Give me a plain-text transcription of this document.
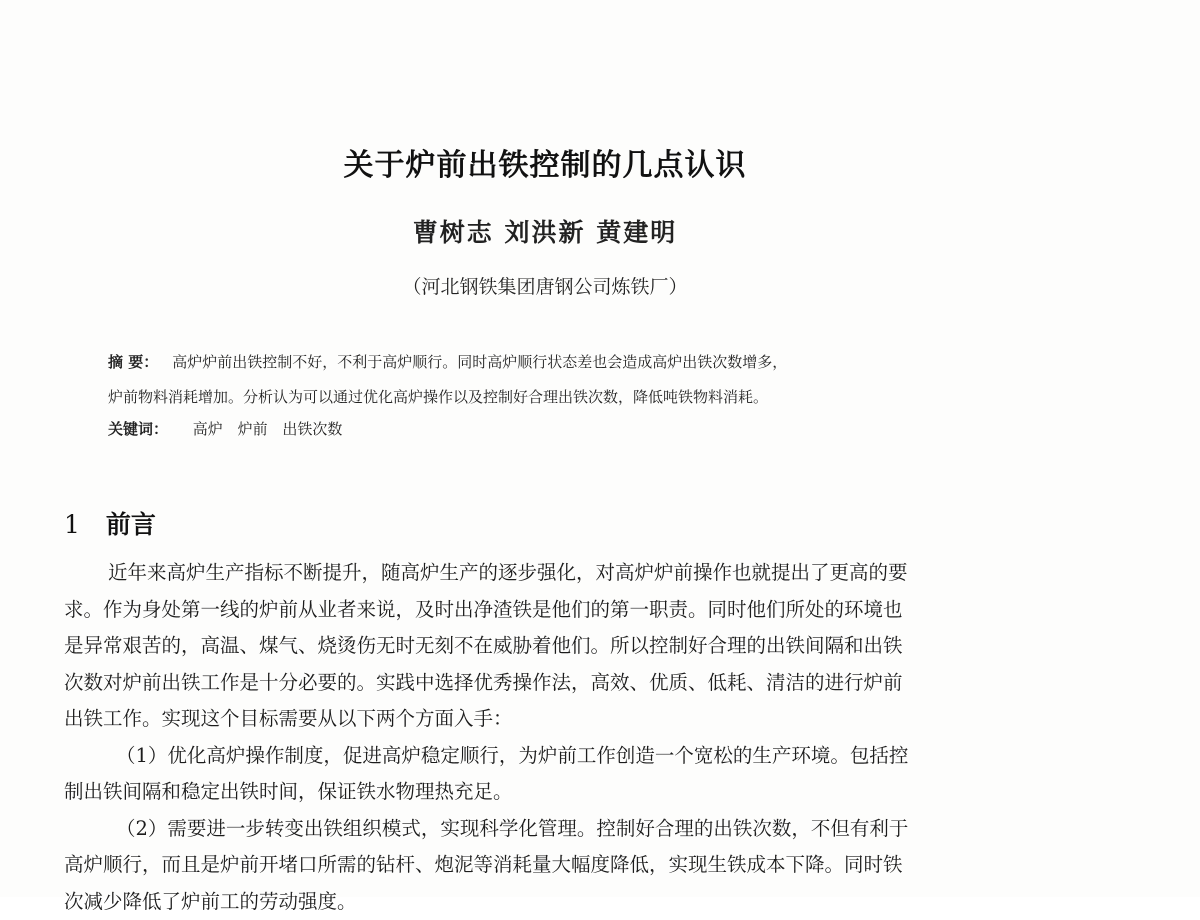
关于炉前出铁控制的几点认识
曹树志 刘洪新 黄建明
（河北钢铁集团唐钢公司炼铁厂）
摘 要： 高炉炉前出铁控制不好，不利于高炉顺行。同时高炉顺行状态差也会造成高炉出铁次数增多，
炉前物料消耗增加。分析认为可以通过优化高炉操作以及控制好合理出铁次数，降低吨铁物料消耗。
关键词： 高炉 炉前 出铁次数
1 前言
近年来高炉生产指标不断提升，随高炉生产的逐步强化，对高炉炉前操作也就提出了更高的要
求。作为身处第一线的炉前从业者来说，及时出净渣铁是他们的第一职责。同时他们所处的环境也
是异常艰苦的，高温、煤气、烧烫伤无时无刻不在威胁着他们。所以控制好合理的出铁间隔和出铁
次数对炉前出铁工作是十分必要的。实践中选择优秀操作法，高效、优质、低耗、清洁的进行炉前
出铁工作。实现这个目标需要从以下两个方面入手：
（1）优化高炉操作制度，促进高炉稳定顺行，为炉前工作创造一个宽松的生产环境。包括控
制出铁间隔和稳定出铁时间，保证铁水物理热充足。
（2）需要进一步转变出铁组织模式，实现科学化管理。控制好合理的出铁次数，不但有利于
高炉顺行，而且是炉前开堵口所需的钻杆、炮泥等消耗量大幅度降低，实现生铁成本下降。同时铁
次减少降低了炉前工的劳动强度。
